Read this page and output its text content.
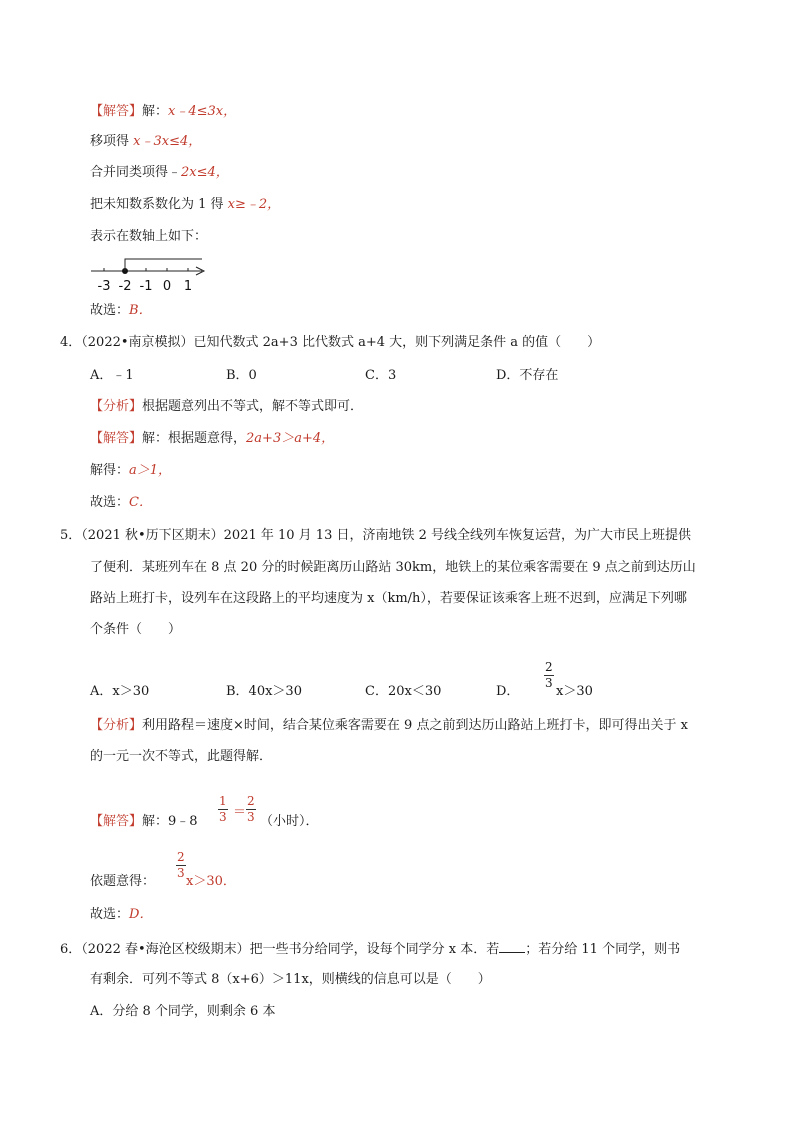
【解答】解：x﹣4≤3x，
移项得 x﹣3x≤4，
合并同类项得﹣2x≤4，
把未知数系数化为 1 得 x≥﹣2，
表示在数轴上如下：
-3 -2 -1 0 1
故选：B．
4．（2022•南京模拟）已知代数式 2a+3 比代数式 a+4 大，则下列满足条件 a 的值（　　）
A．﹣1	B．0	C．3	D．不存在
【分析】根据题意列出不等式，解不等式即可．
【解答】解：根据题意得，2a+3＞a+4，
解得：a＞1，
故选：C．
5．（2021 秋•历下区期末）2021 年 10 月 13 日，济南地铁 2 号线全线列车恢复运营，为广大市民上班提供
了便利．某班列车在 8 点 20 分的时候距离历山路站 30km，地铁上的某位乘客需要在 9 点之前到达历山
路站上班打卡，设列车在这段路上的平均速度为 x（km/h），若要保证该乘客上班不迟到，应满足下列哪
个条件（　　）
A．x＞30	B．40x＞30	C．20x＜30	D．
2
3
x＞30
【分析】利用路程＝速度×时间，结合某位乘客需要在 9 点之前到达历山路站上班打卡，即可得出关于 x
的一元一次不等式，此题得解．
【解答】解：9﹣8
1
3 ＝
2
3 （小时）．
依题意得：
2
3
x＞30．
故选：D．
6．（2022 春•海沧区校级期末）把一些书分给同学，设每个同学分 x 本．若 ；若分给 11 个同学，则书
有剩余．可列不等式 8（x+6）＞11x，则横线的信息可以是（　　）
A．分给 8 个同学，则剩余 6 本
